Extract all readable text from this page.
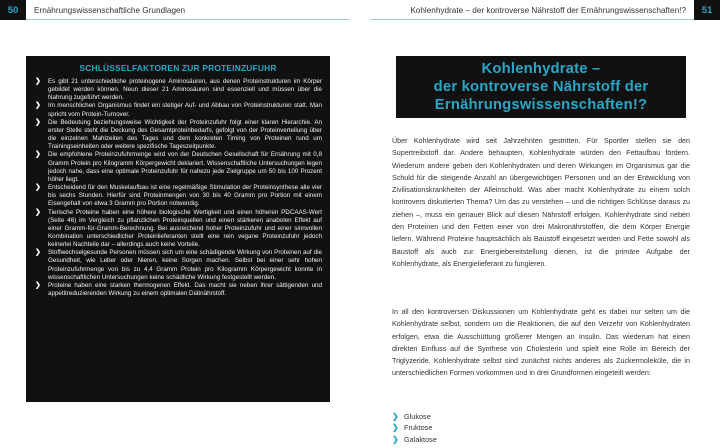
50	Ernährungswissenschaftliche Grundlagen
SCHLÜSSELFAKTOREN ZUR PROTEINZUFUHR
❯ Es gibt 21 unterschiedliche proteinogene Aminosäuren, aus denen Proteinstrukturen im Körper gebildet werden können. Neun dieser 21 Aminosäuren sind essenziell und müssen über die Nahrung zugeführt werden.
❯ Im menschlichen Organismus findet ein stetiger Auf- und Abbau von Proteinstrukturen statt. Man spricht vom Protein-Turnover.
❯ Die Bedeutung beziehungsweise Wichtigkeit der Proteinzufuhr folgt einer klaren Hierarchie. An erster Stelle steht die Deckung des Gesamtproteinbedarfs, gefolgt von der Proteinverteilung über die einzelnen Mahlzeiten des Tages und dem konkreten Timing von Proteinen rund um Trainingseinheiten oder weitere spezifische Tageszeitpunkte.
❯ Die empfohlene Proteinzufuhrmenge wird von der Deutschen Gesellschaft für Ernährung mit 0,8 Gramm Protein pro Kilogramm Körpergewicht deklariert. Wissenschaftliche Untersuchungen legen jedoch nahe, dass eine optimale Proteinzufuhr für nahezu jede Zielgruppe um 50 bis 100 Prozent höher liegt.
❯ Entscheidend für den Muskelaufbau ist eine regelmäßige Stimulation der Proteinsynthese alle vier bis sechs Stunden. Hierfür sind Proteinmengen von 30 bis 40 Gramm pro Portion mit einem Eisengehalt von etwa 3 Gramm pro Portion notwendig.
❯ Tierische Proteine haben eine höhere biologische Wertigkeit und einen höheren PDCAAS-Wert (Seite 46) im Vergleich zu pflanzlichen Proteinquellen und einen stärkeren anabolen Effekt auf einer Gramm-für-Gramm-Berechnung. Bei ausreichend hoher Proteinzufuhr und einer sinnvollen Kombination unterschiedlicher Proteinlieferanten stellt eine rein vegane Proteinzufuhr jedoch keinerlei Nachteile dar – allerdings auch keine Vorteile.
❯ Stoffwechselgesunde Personen müssen sich um eine schädigende Wirkung von Proteinen auf die Gesundheit, wie Leber oder Nieren, keine Sorgen machen. Selbst bei einer sehr hohen Proteinzufuhrmenge von bis zu 4,4 Gramm Protein pro Kilogramm Körpergewicht konnte in wissenschaftlichen Untersuchungen keine schädliche Wirkung festgestellt werden.
❯ Proteine haben eine starken thermogenen Effekt. Das macht sie neben ihrer sättigenden und appetitreduzierenden Wirkung zu einem optimalen Diätnährstoff.
Kohlenhydrate – der kontroverse Nährstoff der Ernährungswissenschaften!?	51
Kohlenhydrate –
der kontroverse Nährstoff der
Ernährungswissenschaften!?

Über Kohlenhydrate wird seit Jahrzehnten gestritten. Für Sportler stellen sie den Supertreibstoff dar. Andere behaupten, Kohlenhydrate würden den Fettaufbau fördern. Wiederum andere geben den Kohlenhydraten und deren Wirkungen im Organismus gar die Schuld für die steigende Anzahl an übergewichtigen Personen und an der Entwicklung von Zivilisationskrankheiten der Alleinschuld. Was aber macht Kohlenhydrate zu einem solch kontrovers diskutierten Thema? Um das zu verstehen – und die richtigen Schlüsse daraus zu ziehen –, muss ein genauer Blick auf diesen Nährstoff erfolgen. Kohlenhydrate sind neben den Proteinen und den Fetten einer von drei Makronährstoffen, die dem Körper Energie liefern. Während Proteine hauptsächlich als Baustoff eingesetzt werden und Fette sowohl als Baustoff als auch zur Energiebereitstellung dienen, ist die primäre Aufgabe der Kohlenhydrate, als Energielieferant zu fungieren.

In all den kontroversen Diskussionen um Kohlenhydrate geht es dabei nur selten um die Kohlenhydrate selbst, sondern um die Reaktionen, die auf den Verzehr von Kohlenhydraten erfolgen, etwa die Ausschüttung größerer Mengen an Insulin. Das wiederum hat einen direkten Einfluss auf die Synthese von Cholesterin und spielt eine Rolle im Bereich der Triglyzeride. Kohlenhydrate selbst sind zunächst nichts anderes als Zuckermoleküle, die in unterschiedlichen Formen vorkommen und in drei Grundformen eingeteilt werden:

❯ Glukose
❯ Fruktose
❯ Galaktose
